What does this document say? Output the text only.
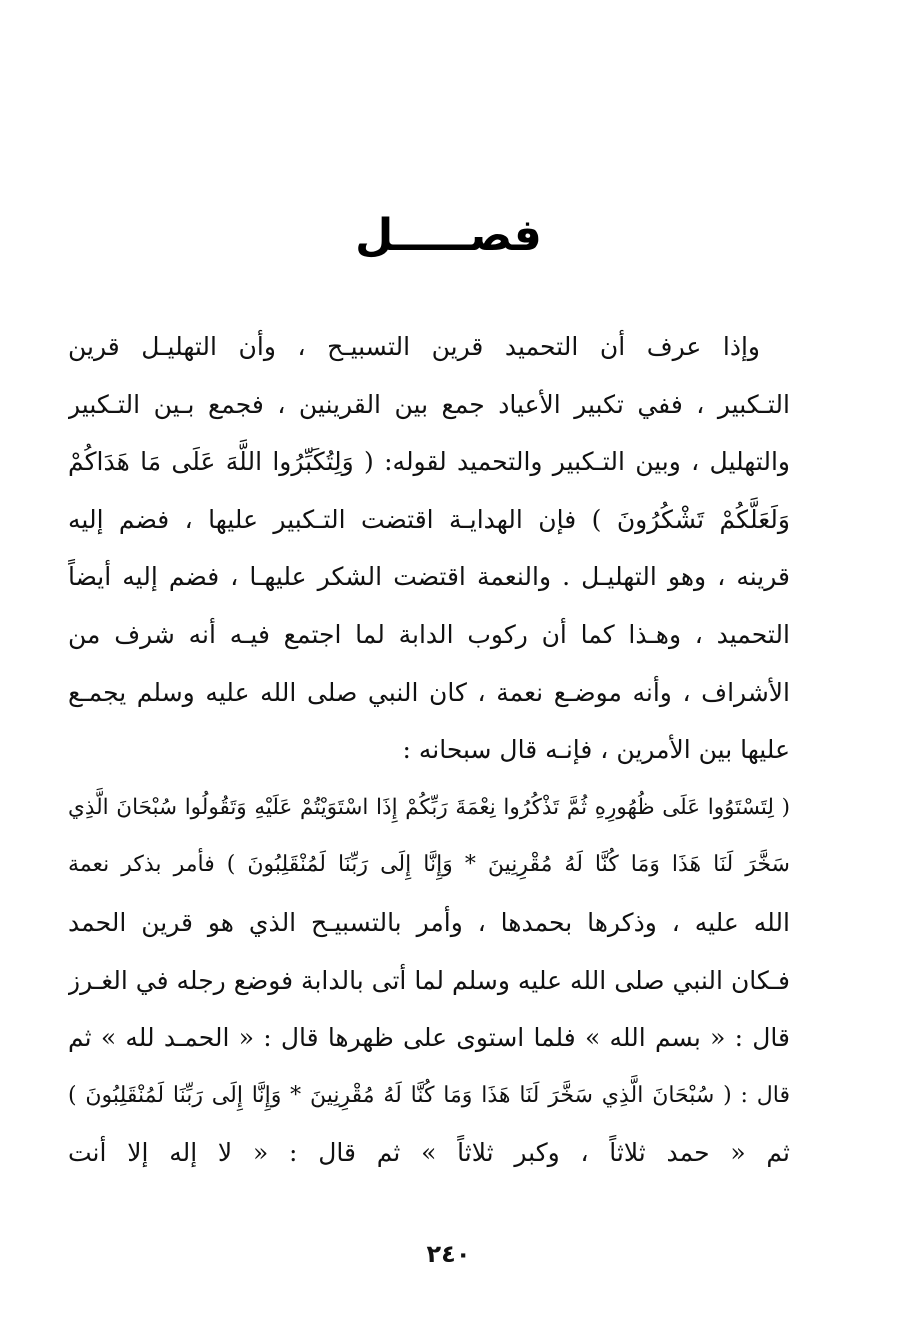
فصـــــل
وإذا عرف أن التحميد قرين التسبيـح ، وأن التهليـل قرين
التـكبير ، ففي تكبير الأعياد جمع بين القرينين ، فجمع بـين التـكبير
والتهليل ، وبين التـكبير والتحميد لقوله: ( وَلِتُكَبِّرُوا اللَّهَ عَلَى مَا هَدَاكُمْ
وَلَعَلَّكُمْ تَشْكُرُونَ ) فإن الهدايـة اقتضت التـكبير عليها ، فضم إليه
قرينه ، وهو التهليـل . والنعمة اقتضت الشكر عليهـا ، فضم إليه أيضاً
التحميد ، وهـذا كما أن ركوب الدابة لما اجتمع فيـه أنه شرف من
الأشراف ، وأنه موضـع نعمة ، كان النبي صلى الله عليه وسلم يجمـع
عليها بين الأمرين ، فإنـه قال سبحانه :
( لِتَسْتَوُوا عَلَى ظُهُورِهِ ثُمَّ تَذْكُرُوا نِعْمَةَ رَبِّكُمْ إِذَا اسْتَوَيْتُمْ عَلَيْهِ وَتَقُولُوا سُبْحَانَ الَّذِي
سَخَّرَ لَنَا هَذَا وَمَا كُنَّا لَهُ مُقْرِنِينَ * وَإِنَّا إِلَى رَبِّنَا لَمُنْقَلِبُونَ ) فأمر بذكر نعمة
الله عليه ، وذكرها بحمدها ، وأمر بالتسبيـح الذي هو قرين الحمد
فـكان النبي صلى الله عليه وسلم لما أتى بالدابة فوضع رجله في الغـرز
قال : « بسم الله » فلما استوى على ظهرها قال : « الحمـد لله » ثم
قال : ( سُبْحَانَ الَّذِي سَخَّرَ لَنَا هَذَا وَمَا كُنَّا لَهُ مُقْرِنِينَ * وَإِنَّا إِلَى رَبِّنَا لَمُنْقَلِبُونَ )
ثم « حمد ثلاثاً ، وكبر ثلاثاً » ثم قال : « لا إله إلا أنت
٢٤٠
